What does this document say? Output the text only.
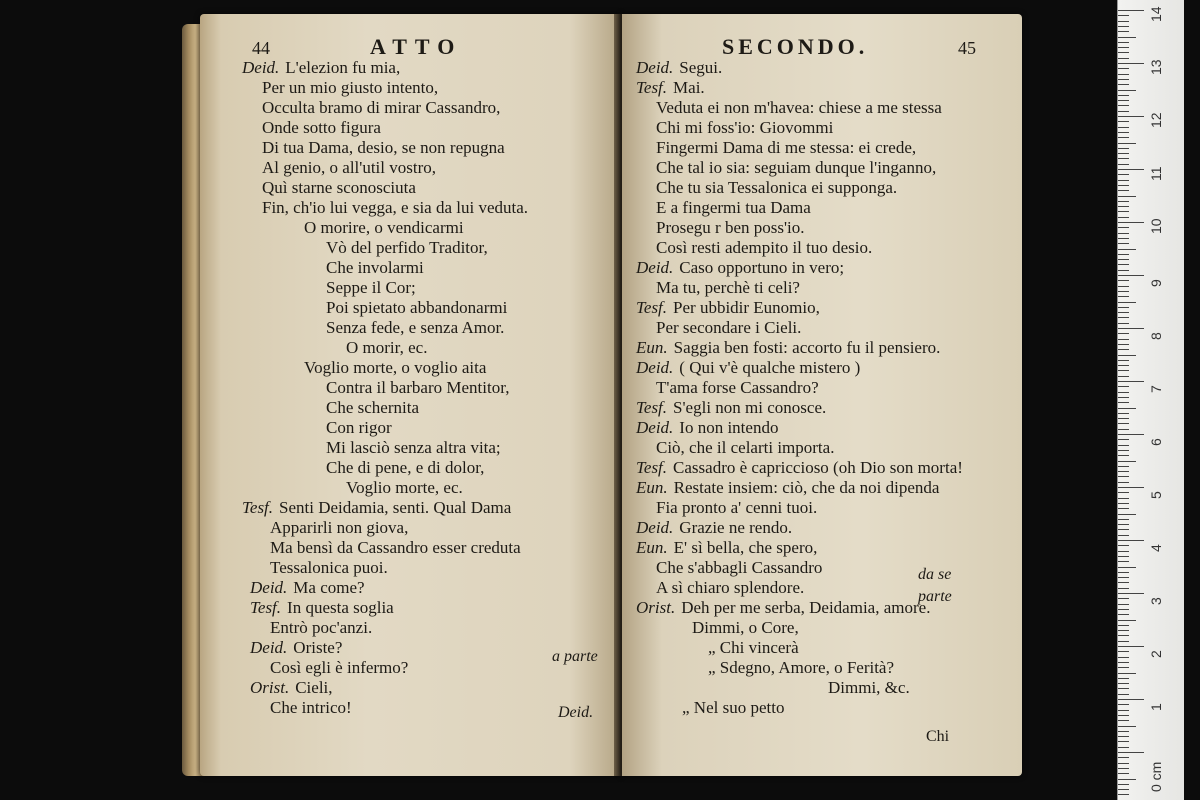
44	ATTO
Deid. L'elezion fu mia,
Per un mio giusto intento,
Occulta bramo di mirar Cassandro,
Onde sotto figura
Di tua Dama, desio, se non repugna
Al genio, o all'util vostro,
Quì starne sconosciuta
Fin, ch'io lui vegga, e sia da lui veduta.
O morire, o vendicarmi
Vò del perfido Traditor,
Che involarmi
Seppe il Cor;
Poi spietato abbandonarmi
Senza fede, e senza Amor.
O morir, ec.
Voglio morte, o voglio aita
Contra il barbaro Mentitor,
Che schernita
Con rigor
Mi lasciò senza altra vita;
Che di pene, e di dolor,
Voglio morte, ec.
Tesf. Senti Deidamia, senti. Qual Dama
Apparirli non giova,
Ma bensì da Cassandro esser creduta
Tessalonica puoi.
Deid. Ma come?
Tesf. In questa soglia
Entrò poc'anzi.
Deid. Oriste?
Così egli è infermo?
Orist. Cieli,
Che intrico!
a parte
Deid.
SECONDO.	45
Deid. Segui.
Tesf. Mai.
Veduta ei non m'havea: chiese a me stessa
Chi mi foss'io: Giovommi
Fingermi Dama di me stessa: ei crede,
Che tal io sia: seguiam dunque l'inganno,
Che tu sia Tessalonica ei supponga.
E a fingermi tua Dama
Prosegu r ben poss'io.
Così resti adempito il tuo desio.
Deid. Caso opportuno in vero;
Ma tu, perchè ti celi?
Tesf. Per ubbidir Eunomio,
Per secondare i Cieli.
Eun. Saggia ben fosti: accorto fu il pensiero.
Deid. ( Qui v'è qualche mistero )
T'ama forse Cassandro?
Tesf. S'egli non mi conosce.
Deid. Io non intendo
Ciò, che il celarti importa.
Tesf. Cassadro è capriccioso (oh Dio son morta!
Eun. Restate insiem: ciò, che da noi dipenda
Fia pronto a' cenni tuoi.
Deid. Grazie ne rendo.
Eun. E' sì bella, che spero,
Che s'abbagli Cassandro
A sì chiaro splendore.
Orist. Deh per me serba, Deidamia, amore.
Dimmi, o Core,
„ Chi vincerà
„ Sdegno, Amore, o Ferità?
Dimmi, &c.
„ Nel suo petto
da se
parte
Chi
14
13
12
11
10
9
8
7
6
5
4
3
2
1
0 cm
